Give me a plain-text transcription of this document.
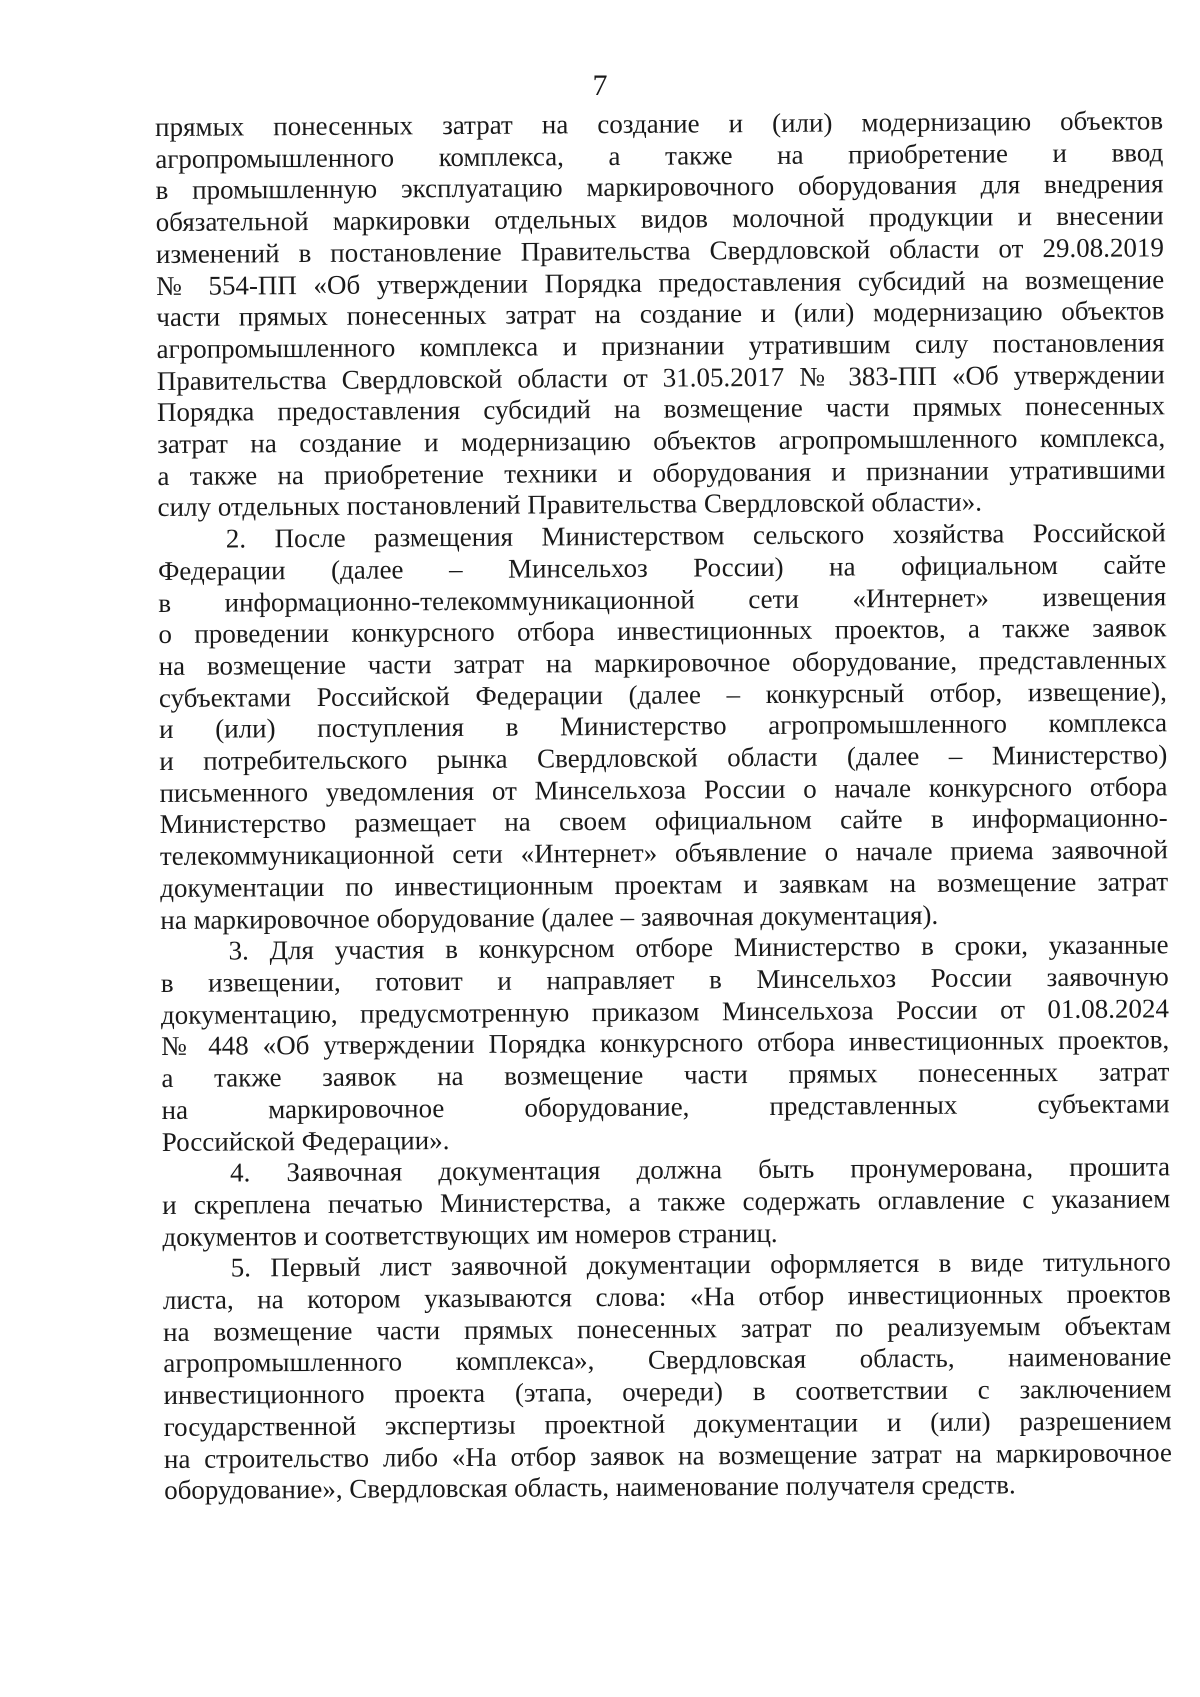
7
прямых понесенных затрат на создание и (или) модернизацию объектов
агропромышленного комплекса, а также на приобретение и ввод
в промышленную эксплуатацию маркировочного оборудования для внедрения
обязательной маркировки отдельных видов молочной продукции и внесении
изменений в постановление Правительства Свердловской области от 29.08.2019
№ 554-ПП «Об утверждении Порядка предоставления субсидий на возмещение
части прямых понесенных затрат на создание и (или) модернизацию объектов
агропромышленного комплекса и признании утратившим силу постановления
Правительства Свердловской области от 31.05.2017 № 383-ПП «Об утверждении
Порядка предоставления субсидий на возмещение части прямых понесенных
затрат на создание и модернизацию объектов агропромышленного комплекса,
а также на приобретение техники и оборудования и признании утратившими
силу отдельных постановлений Правительства Свердловской области».
2. После размещения Министерством сельского хозяйства Российской
Федерации (далее – Минсельхоз России) на официальном сайте
в информационно-телекоммуникационной сети «Интернет» извещения
о проведении конкурсного отбора инвестиционных проектов, а также заявок
на возмещение части затрат на маркировочное оборудование, представленных
субъектами Российской Федерации (далее – конкурсный отбор, извещение),
и (или) поступления в Министерство агропромышленного комплекса
и потребительского рынка Свердловской области (далее – Министерство)
письменного уведомления от Минсельхоза России о начале конкурсного отбора
Министерство размещает на своем официальном сайте в информационно-
телекоммуникационной сети «Интернет» объявление о начале приема заявочной
документации по инвестиционным проектам и заявкам на возмещение затрат
на маркировочное оборудование (далее – заявочная документация).
3. Для участия в конкурсном отборе Министерство в сроки, указанные
в извещении, готовит и направляет в Минсельхоз России заявочную
документацию, предусмотренную приказом Минсельхоза России от 01.08.2024
№ 448 «Об утверждении Порядка конкурсного отбора инвестиционных проектов,
а также заявок на возмещение части прямых понесенных затрат
на маркировочное оборудование, представленных субъектами
Российской Федерации».
4. Заявочная документация должна быть пронумерована, прошита
и скреплена печатью Министерства, а также содержать оглавление с указанием
документов и соответствующих им номеров страниц.
5. Первый лист заявочной документации оформляется в виде титульного
листа, на котором указываются слова: «На отбор инвестиционных проектов
на возмещение части прямых понесенных затрат по реализуемым объектам
агропромышленного комплекса», Свердловская область, наименование
инвестиционного проекта (этапа, очереди) в соответствии с заключением
государственной экспертизы проектной документации и (или) разрешением
на строительство либо «На отбор заявок на возмещение затрат на маркировочное
оборудование», Свердловская область, наименование получателя средств.
